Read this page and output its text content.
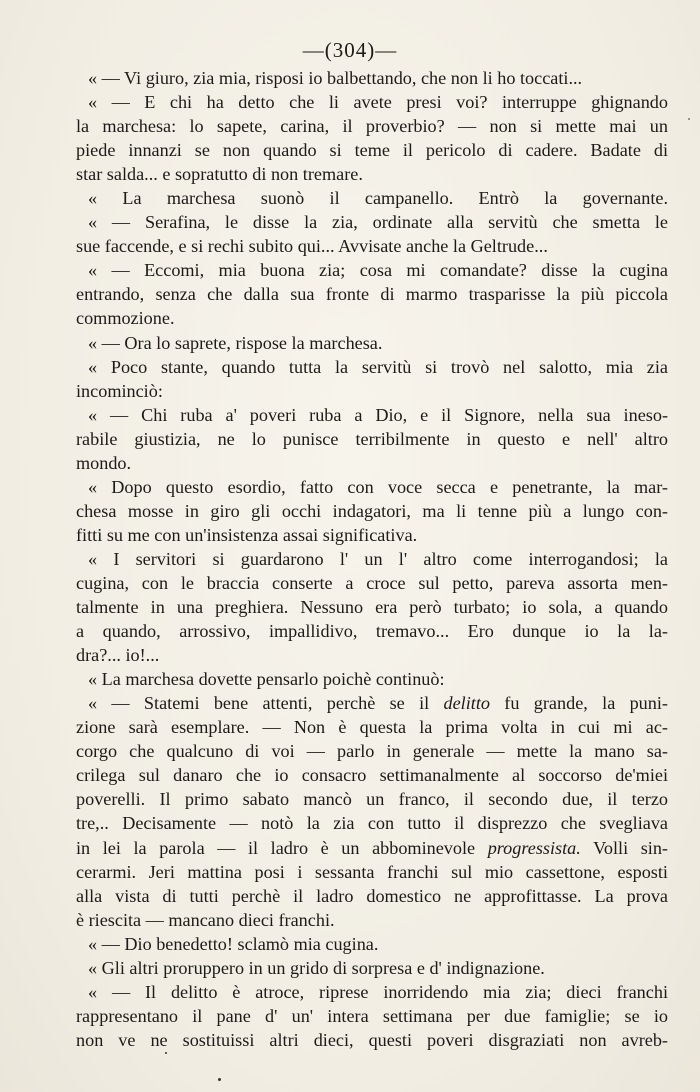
—(304)—
« — Vi giuro, zia mia, risposi io balbettando, che non li ho toccati...
« — E chi ha detto che li avete presi voi? interruppe ghignando
la marchesa: lo sapete, carina, il proverbio? — non si mette mai un
piede innanzi se non quando si teme il pericolo di cadere. Badate di
star salda... e sopratutto di non tremare.
« La marchesa suonò il campanello. Entrò la governante.
« — Serafina, le disse la zia, ordinate alla servitù che smetta le
sue faccende, e si rechi subito qui... Avvisate anche la Geltrude...
« — Eccomi, mia buona zia; cosa mi comandate? disse la cugina
entrando, senza che dalla sua fronte di marmo trasparisse la più piccola
commozione.
« — Ora lo saprete, rispose la marchesa.
« Poco stante, quando tutta la servitù si trovò nel salotto, mia zia
incominciò:
« — Chi ruba a' poveri ruba a Dio, e il Signore, nella sua ineso-
rabile giustizia, ne lo punisce terribilmente in questo e nell' altro
mondo.
« Dopo questo esordio, fatto con voce secca e penetrante, la mar-
chesa mosse in giro gli occhi indagatori, ma li tenne più a lungo con-
fitti su me con un'insistenza assai significativa.
« I servitori si guardarono l' un l' altro come interrogandosi; la
cugina, con le braccia conserte a croce sul petto, pareva assorta men-
talmente in una preghiera. Nessuno era però turbato; io sola, a quando
a quando, arrossivo, impallidivo, tremavo... Ero dunque io la la-
dra?... io!...
« La marchesa dovette pensarlo poichè continuò:
« — Statemi bene attenti, perchè se il delitto fu grande, la puni-
zione sarà esemplare. — Non è questa la prima volta in cui mi ac-
corgo che qualcuno di voi — parlo in generale — mette la mano sa-
crilega sul danaro che io consacro settimanalmente al soccorso de'miei
poverelli. Il primo sabato mancò un franco, il secondo due, il terzo
tre,.. Decisamente — notò la zia con tutto il disprezzo che svegliava
in lei la parola — il ladro è un abbominevole progressista. Volli sin-
cerarmi. Jeri mattina posi i sessanta franchi sul mio cassettone, esposti
alla vista di tutti perchè il ladro domestico ne approfittasse. La prova
è riescita — mancano dieci franchi.
« — Dio benedetto! sclamò mia cugina.
« Gli altri proruppero in un grido di sorpresa e d' indignazione.
« — Il delitto è atroce, riprese inorridendo mia zia; dieci franchi
rappresentano il pane d' un' intera settimana per due famiglie; se io
non ve ne sostituissi altri dieci, questi poveri disgraziati non avreb-
